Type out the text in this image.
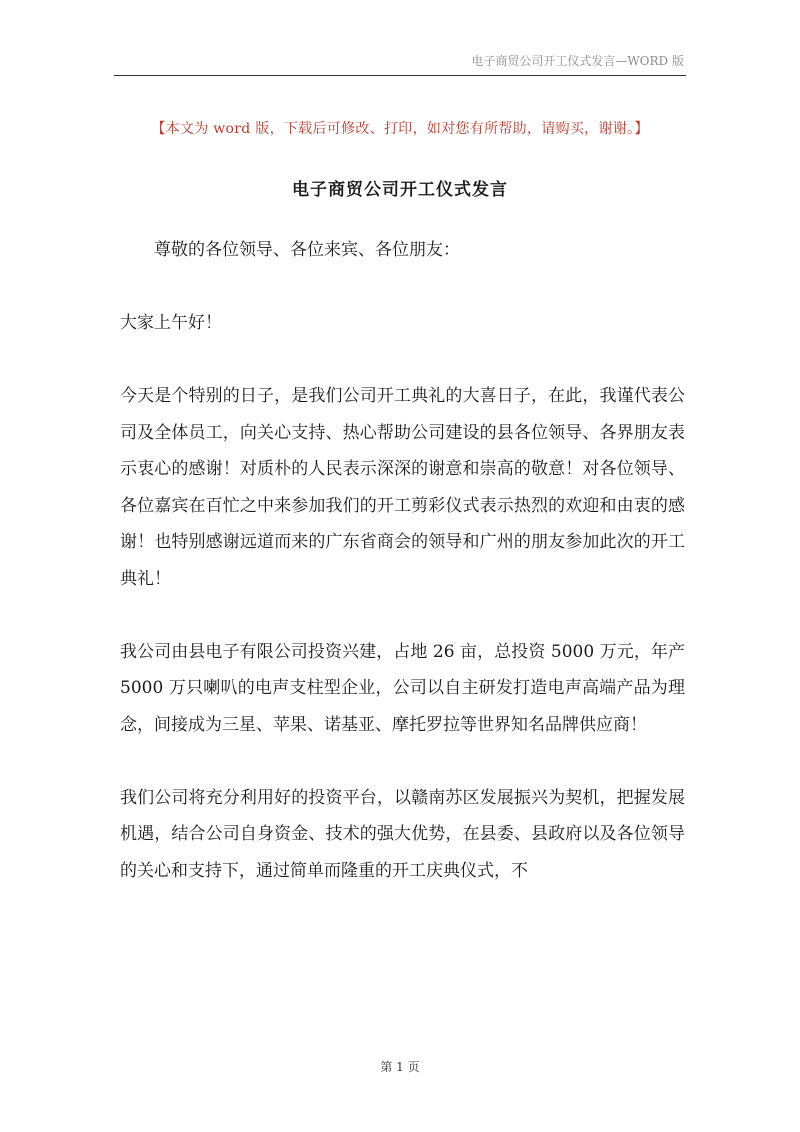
电子商贸公司开工仪式发言—WORD 版
【本文为 word 版，下载后可修改、打印，如对您有所帮助，请购买，谢谢。】
电子商贸公司开工仪式发言

尊敬的各位领导、各位来宾、各位朋友：

大家上午好！

今天是个特别的日子，是我们公司开工典礼的大喜日子，在此，我谨代表公司及全体员工，向关心支持、热心帮助公司建设的县各位领导、各界朋友表示衷心的感谢！对质朴的人民表示深深的谢意和崇高的敬意！对各位领导、各位嘉宾在百忙之中来参加我们的开工剪彩仪式表示热烈的欢迎和由衷的感谢！也特别感谢远道而来的广东省商会的领导和广州的朋友参加此次的开工典礼！

我公司由县电子有限公司投资兴建，占地 26 亩，总投资 5000 万元，年产 5000 万只喇叭的电声支柱型企业，公司以自主研发打造电声高端产品为理念，间接成为三星、苹果、诺基亚、摩托罗拉等世界知名品牌供应商！

我们公司将充分利用好的投资平台，以赣南苏区发展振兴为契机，把握发展机遇，结合公司自身资金、技术的强大优势，在县委、县政府以及各位领导的关心和支持下，通过简单而隆重的开工庆典仪式，不

第 1 页
